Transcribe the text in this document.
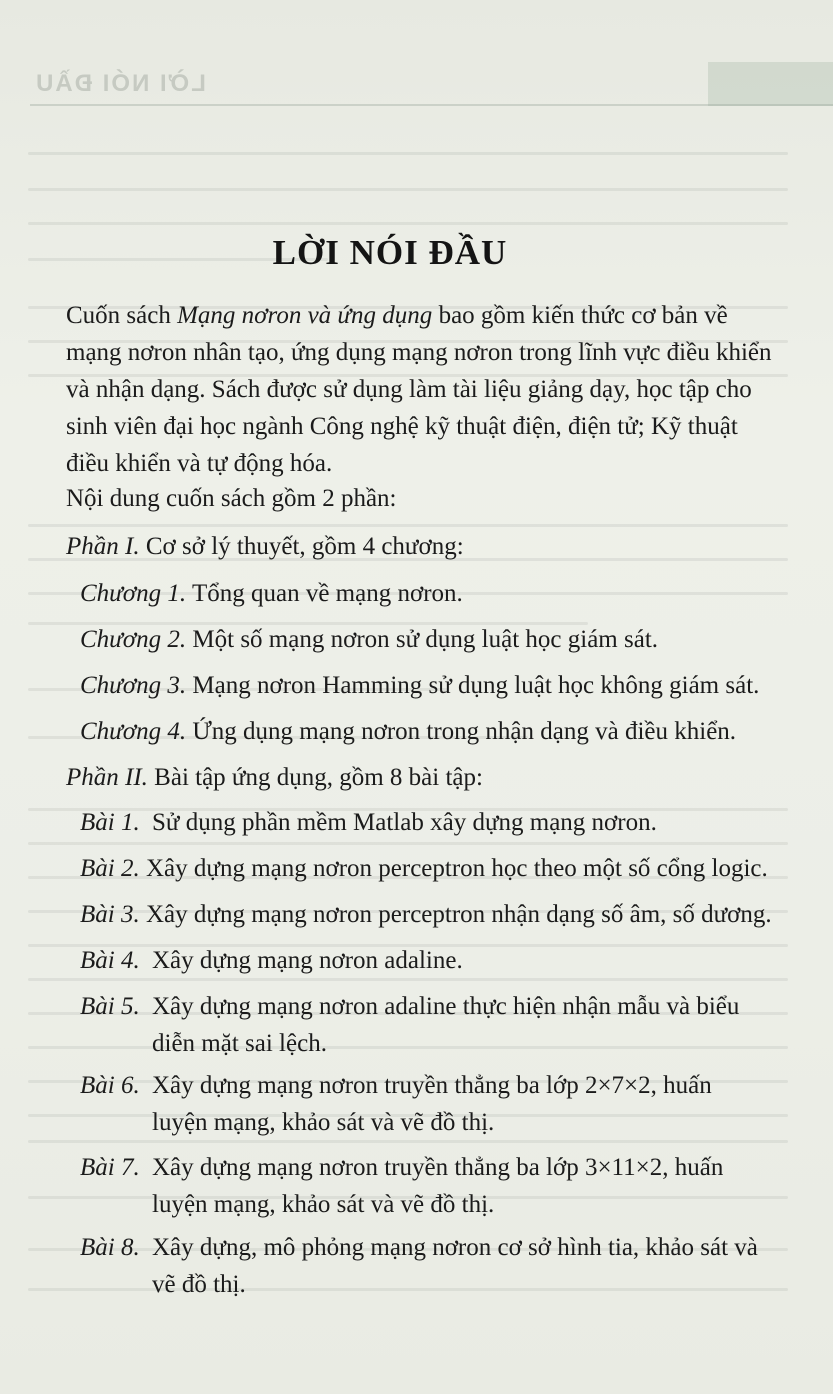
LỜI NÓI ĐẦU
LỜI NÓI ĐẦU

Cuốn sách Mạng nơron và ứng dụng bao gồm kiến thức cơ bản về mạng nơron nhân tạo, ứng dụng mạng nơron trong lĩnh vực điều khiển và nhận dạng. Sách được sử dụng làm tài liệu giảng dạy, học tập cho sinh viên đại học ngành Công nghệ kỹ thuật điện, điện tử; Kỹ thuật điều khiển và tự động hóa.

Nội dung cuốn sách gồm 2 phần:
Phần I. Cơ sở lý thuyết, gồm 4 chương:
Chương 1. Tổng quan về mạng nơron.
Chương 2. Một số mạng nơron sử dụng luật học giám sát.
Chương 3. Mạng nơron Hamming sử dụng luật học không giám sát.
Chương 4. Ứng dụng mạng nơron trong nhận dạng và điều khiển.
Phần II. Bài tập ứng dụng, gồm 8 bài tập:
Bài 1. Sử dụng phần mềm Matlab xây dựng mạng nơron.
Bài 2. Xây dựng mạng nơron perceptron học theo một số cổng logic.
Bài 3. Xây dựng mạng nơron perceptron nhận dạng số âm, số dương.
Bài 4. Xây dựng mạng nơron adaline.
Bài 5. Xây dựng mạng nơron adaline thực hiện nhận mẫu và biểu diễn mặt sai lệch.
Bài 6. Xây dựng mạng nơron truyền thẳng ba lớp 2×7×2, huấn luyện mạng, khảo sát và vẽ đồ thị.
Bài 7. Xây dựng mạng nơron truyền thẳng ba lớp 3×11×2, huấn luyện mạng, khảo sát và vẽ đồ thị.
Bài 8. Xây dựng, mô phỏng mạng nơron cơ sở hình tia, khảo sát và vẽ đồ thị.
